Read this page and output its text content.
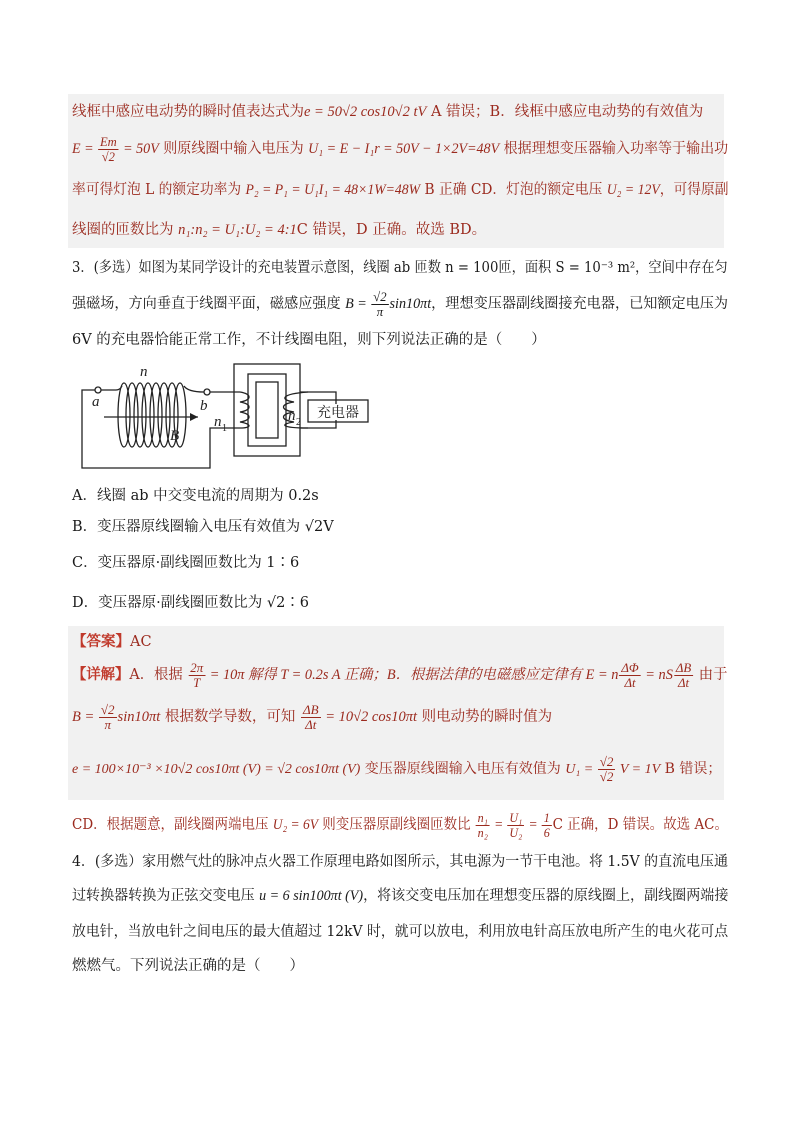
线框中感应电动势的瞬时值表达式为e = 50√2 cos10√2 tV A 错误；B．线框中感应电动势的有效值为
$E = \frac{Em}{√2} = 50V$ 则原线圈中输入电压为 U₁ = E − I₁r = 50V − 1×2V=48V 根据理想变压器输入功率等于输出功
率可得灯泡 L 的额定功率为 P₂ = P₁ = U₁I₁ = 48×1W=48W B 正确 CD．灯泡的额定电压 U₂ = 12V，可得原副
线圈的匝数比为 n₁:n₂ = U₁:U₂ = 4:1C 错误，D 正确。故选 BD。
3．(多选）如图为某同学设计的充电装置示意图，线圈 ab 匝数 n = 100匝，面积 S = 10⁻³ m²，空间中存在匀
强磁场，方向垂直于线圈平面，磁感应强度 $B = \frac{√2}{\pi} \sin 10\pi t$，理想变压器副线圈接充电器，已知额定电压为
6V 的充电器恰能正常工作，不计线圈电阻，则下列说法正确的是（　　）
n
a	b
B
n 1
n 2
充电器
A．线圈 ab 中交变电流的周期为 0.2s
B．变压器原线圈输入电压有效值为 √2V
C．变压器原·副线圈匝数比为 1∶6
D．变压器原·副线圈匝数比为 √2∶6
【答案】AC
【详解】A．根据 $\frac{2\pi}{T} = 10\pi$ 解得 T = 0.2s A 正确；B．根据法律的电磁感应定律有 E = n $\frac{\Delta\Phi}{\Delta t}$ = nS $\frac{\Delta B}{\Delta t}$ 由于
$B = \frac{√2}{\pi} \sin 10\pi t$ 根据数学导数，可知 $\frac{\Delta B}{\Delta t} = 10√2$ cos10πt 则电动势的瞬时值为
e = 100×10⁻³ ×10√2 cos10πt (V) = √2 cos10πt (V) 变压器原线圈输入电压有效值为 $U_1 = \frac{√2}{√2}$ V = 1V B 错误；
CD．根据题意，副线圈两端电压 U₂ = 6V 则变压器原副线圈匝数比 $\frac{\text{n₁}}{\text{n₂}} = \frac{\text{U₁}}{\text{U₂}} = \frac{1}{6}$ C 正确，D 错误。故选 AC。
4．(多选）家用燃气灶的脉冲点火器工作原理电路如图所示，其电源为一节干电池。将 1.5V 的直流电压通
过转换器转换为正弦交变电压 u = 6 sin100πt (V)，将该交变电压加在理想变压器的原线圈上，副线圈两端接
放电针，当放电针之间电压的最大值超过 12kV 时，就可以放电，利用放电针高压放电所产生的电火花可点
燃燃气。下列说法正确的是（　　）
